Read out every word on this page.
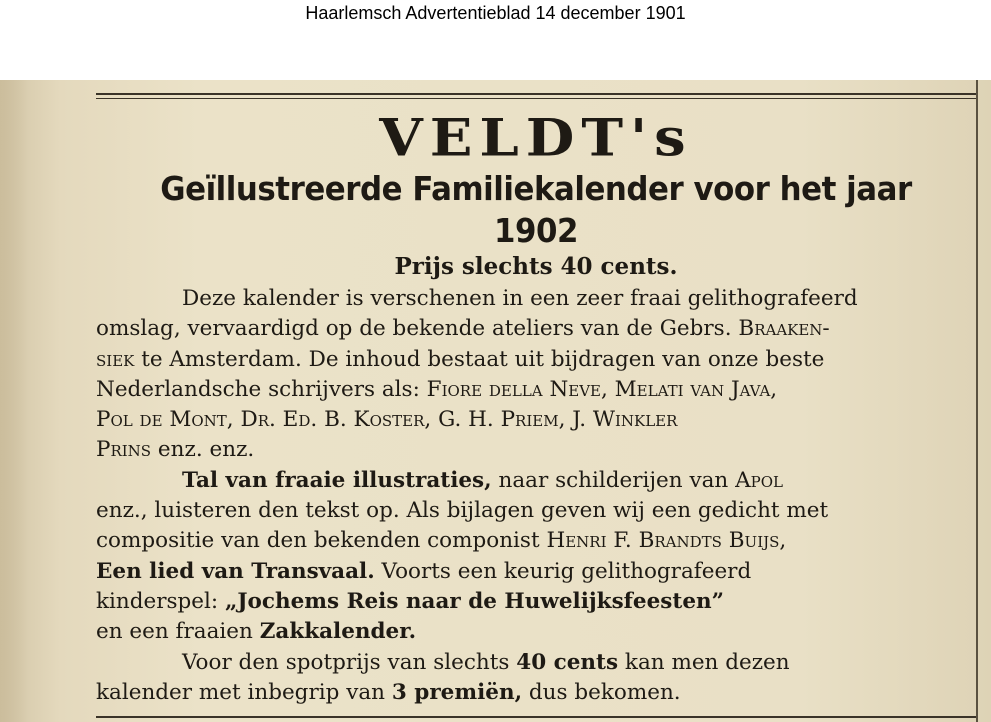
Haarlemsch Advertentieblad 14 december 1901
VELDT's
Geïllustreerde Familiekalender voor het jaar 1902
Prijs slechts 40 cents.
Deze kalender is verschenen in een zeer fraai gelithografeerd
omslag, vervaardigd op de bekende ateliers van de Gebrs. Braaken-
siek te Amsterdam. De inhoud bestaat uit bijdragen van onze beste
Nederlandsche schrijvers als: Fiore della Neve, Melati van Java,
Pol de Mont, Dr. Ed. B. Koster, G. H. Priem, J. Winkler
Prins enz. enz.
Tal van fraaie illustraties, naar schilderijen van Apol
enz., luisteren den tekst op. Als bijlagen geven wij een gedicht met
compositie van den bekenden componist Henri F. Brandts Buijs,
Een lied van Transvaal. Voorts een keurig gelithografeerd
kinderspel: „Jochems Reis naar de Huwelijksfeesten”
en een fraaien Zakkalender.
Voor den spotprijs van slechts 40 cents kan men dezen
kalender met inbegrip van 3 premiën, dus bekomen.
